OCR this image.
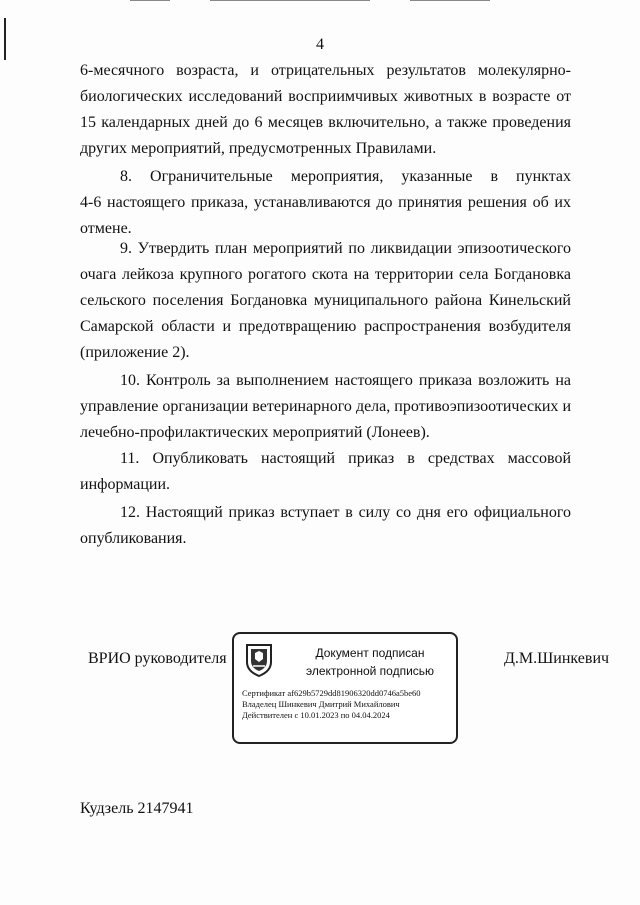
4
6-месячного возраста, и отрицательных результатов молекулярно-
биологических исследований восприимчивых животных в возрасте от
15 календарных дней до 6 месяцев включительно, а также проведения
других мероприятий, предусмотренных Правилами.
8. Ограничительные мероприятия, указанные в пунктах
4-6 настоящего приказа, устанавливаются до принятия решения об их
отмене.
9. Утвердить план мероприятий по ликвидации эпизоотического
очага лейкоза крупного рогатого скота на территории села Богдановка
сельского поселения Богдановка муниципального района Кинельский
Самарской области и предотвращению распространения возбудителя
(приложение 2).
10. Контроль за выполнением настоящего приказа возложить на
управление организации ветеринарного дела, противоэпизоотических и
лечебно-профилактических мероприятий (Лонеев).
11. Опубликовать настоящий приказ в средствах массовой
информации.
12. Настоящий приказ вступает в силу со дня его официального
опубликования.
ВРИО руководителя	Документ подписан
электронной подписью
Сертификат af629b5729dd81906320dd0746a5be60
Владелец Шинкевич Дмитрий Михайлович
Действителен с 10.01.2023 по 04.04.2024
Д.М.Шинкевич
Кудзель 2147941
